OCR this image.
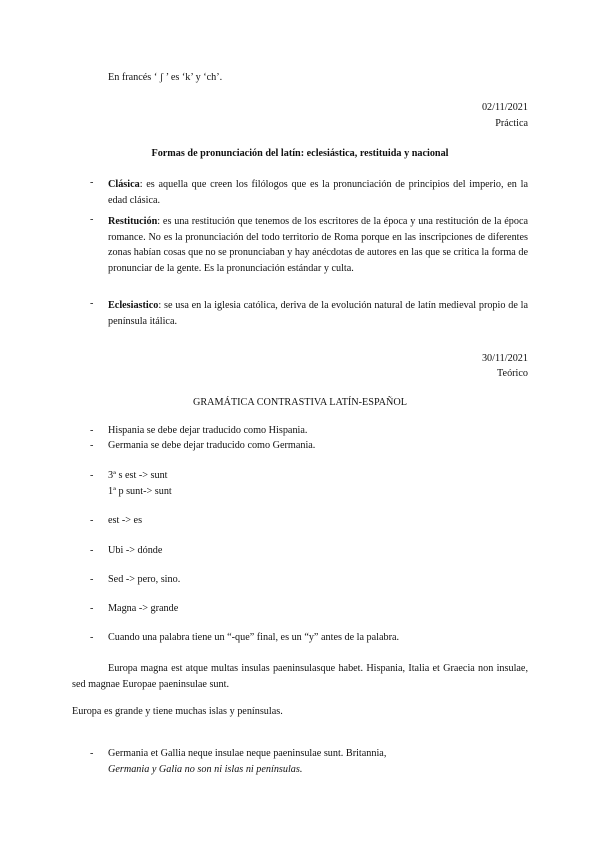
En francés ‘ ʃ ’ es ‘k’ y ‘ch’.
02/11/2021
Práctica
Formas de pronunciación del latín: eclesiástica, restituida y nacional
- Clásica: es aquella que creen los filólogos que es la pronunciación de principios del imperio, en la edad clásica.
- Restitución: es una restitución que tenemos de los escritores de la época y una restitución de la época romance. No es la pronunciación del todo territorio de Roma porque en las inscripciones de diferentes zonas habían cosas que no se pronunciaban y hay anécdotas de autores en las que se critica la forma de pronunciar de la gente. Es la pronunciación estándar y culta.
- Eclesiastico: se usa en la iglesia católica, deriva de la evolución natural de latín medieval propio de la península itálica.
30/11/2021
Teórico
GRAMÁTICA CONTRASTIVA LATÍN-ESPAÑOL
- Hispania se debe dejar traducido como Hispania.
- Germania se debe dejar traducido como Germania.
- 3ª s est -> sunt
1ª p sunt-> sunt
- est -> es
- Ubi -> dónde
- Sed -> pero, sino.
- Magna -> grande
- Cuando una palabra tiene un “-que” final, es un “y” antes de la palabra.
Europa magna est atque multas insulas paeninsulasque habet. Hispania, Italia et Graecia non insulae, sed magnae Europae paeninsulae sunt.
Europa es grande y tiene muchas islas y penínsulas.
- Germania et Gallia neque insulae neque paeninsulae sunt. Britannia,
Germania y Galia no son ni islas ni penínsulas.
